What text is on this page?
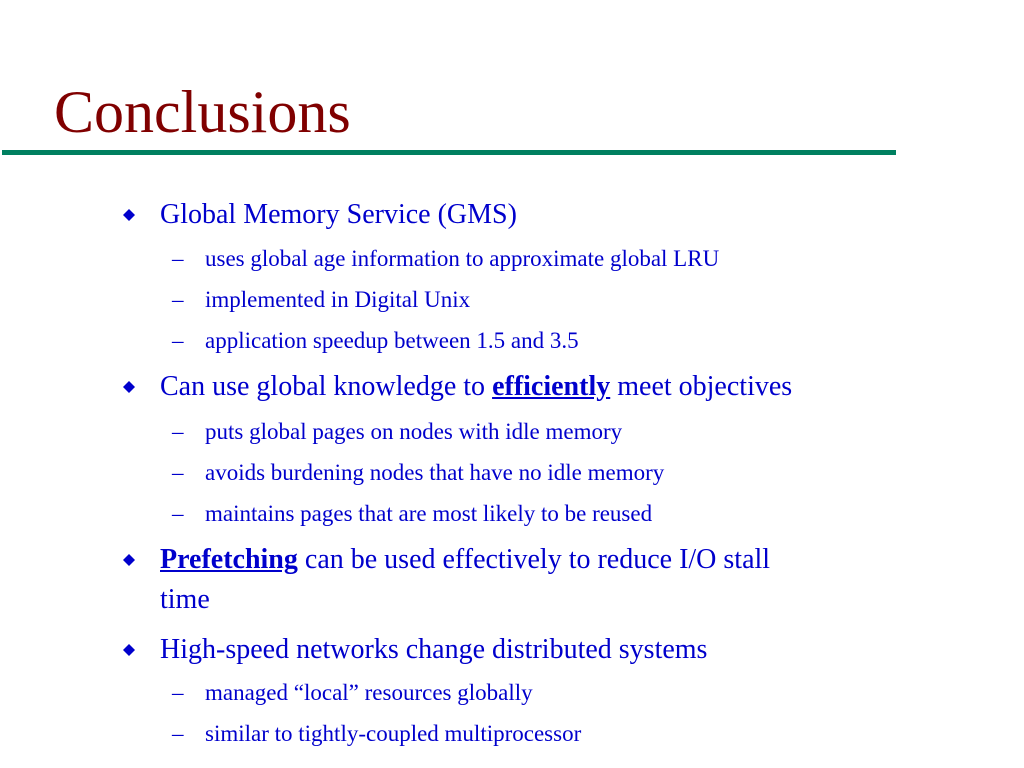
Conclusions
Global Memory Service (GMS)
– uses global age information to approximate global LRU
– implemented in Digital Unix
– application speedup between 1.5 and 3.5
Can use global knowledge to efficiently meet objectives
– puts global pages on nodes with idle memory
– avoids burdening nodes that have no idle memory
– maintains pages that are most likely to be reused
Prefetching can be used effectively to reduce I/O stall
time
High-speed networks change distributed systems
– managed “local” resources globally
– similar to tightly-coupled multiprocessor
